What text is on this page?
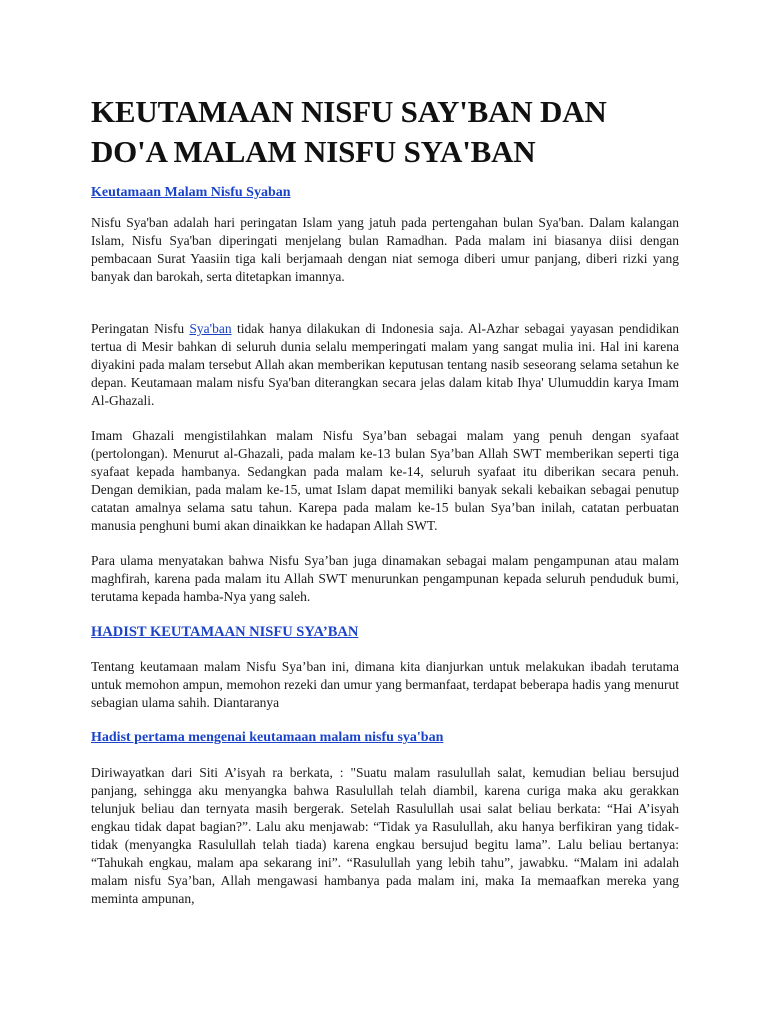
KEUTAMAAN NISFU SAY'BAN DAN DO'A MALAM NISFU SYA'BAN
Keutamaan Malam Nisfu Syaban

Nisfu Sya'ban adalah hari peringatan Islam yang jatuh pada pertengahan bulan Sya'ban. Dalam kalangan Islam, Nisfu Sya'ban diperingati menjelang bulan Ramadhan. Pada malam ini biasanya diisi dengan pembacaan Surat Yaasiin tiga kali berjamaah dengan niat semoga diberi umur panjang, diberi rizki yang banyak dan barokah, serta ditetapkan imannya.

Peringatan Nisfu Sya'ban tidak hanya dilakukan di Indonesia saja. Al-Azhar sebagai yayasan pendidikan tertua di Mesir bahkan di seluruh dunia selalu memperingati malam yang sangat mulia ini. Hal ini karena diyakini pada malam tersebut Allah akan memberikan keputusan tentang nasib seseorang selama setahun ke depan. Keutamaan malam nisfu Sya'ban diterangkan secara jelas dalam kitab Ihya' Ulumuddin karya Imam Al-Ghazali.

Imam Ghazali mengistilahkan malam Nisfu Sya’ban sebagai malam yang penuh dengan syafaat (pertolongan). Menurut al-Ghazali, pada malam ke-13 bulan Sya’ban Allah SWT memberikan seperti tiga syafaat kepada hambanya. Sedangkan pada malam ke-14, seluruh syafaat itu diberikan secara penuh. Dengan demikian, pada malam ke-15, umat Islam dapat memiliki banyak sekali kebaikan sebagai penutup catatan amalnya selama satu tahun. Karepa pada malam ke-15 bulan Sya’ban inilah, catatan perbuatan manusia penghuni bumi akan dinaikkan ke hadapan Allah SWT.

Para ulama menyatakan bahwa Nisfu Sya’ban juga dinamakan sebagai malam pengampunan atau malam maghfirah, karena pada malam itu Allah SWT menurunkan pengampunan kepada seluruh penduduk bumi, terutama kepada hamba-Nya yang saleh.

HADIST KEUTAMAAN NISFU SYA’BAN

Tentang keutamaan malam Nisfu Sya’ban ini, dimana kita dianjurkan untuk melakukan ibadah terutama untuk memohon ampun, memohon rezeki dan umur yang bermanfaat, terdapat beberapa hadis yang menurut sebagian ulama sahih. Diantaranya

Hadist pertama mengenai keutamaan malam nisfu sya'ban

Diriwayatkan dari Siti A’isyah ra berkata, : "Suatu malam rasulullah salat, kemudian beliau bersujud panjang, sehingga aku menyangka bahwa Rasulullah telah diambil, karena curiga maka aku gerakkan telunjuk beliau dan ternyata masih bergerak. Setelah Rasulullah usai salat beliau berkata: “Hai A’isyah engkau tidak dapat bagian?”. Lalu aku menjawab: “Tidak ya Rasulullah, aku hanya berfikiran yang tidak-tidak (menyangka Rasulullah telah tiada) karena engkau bersujud begitu lama”. Lalu beliau bertanya: “Tahukah engkau, malam apa sekarang ini”. “Rasulullah yang lebih tahu”, jawabku. “Malam ini adalah malam nisfu Sya’ban, Allah mengawasi hambanya pada malam ini, maka Ia memaafkan mereka yang meminta ampunan,
